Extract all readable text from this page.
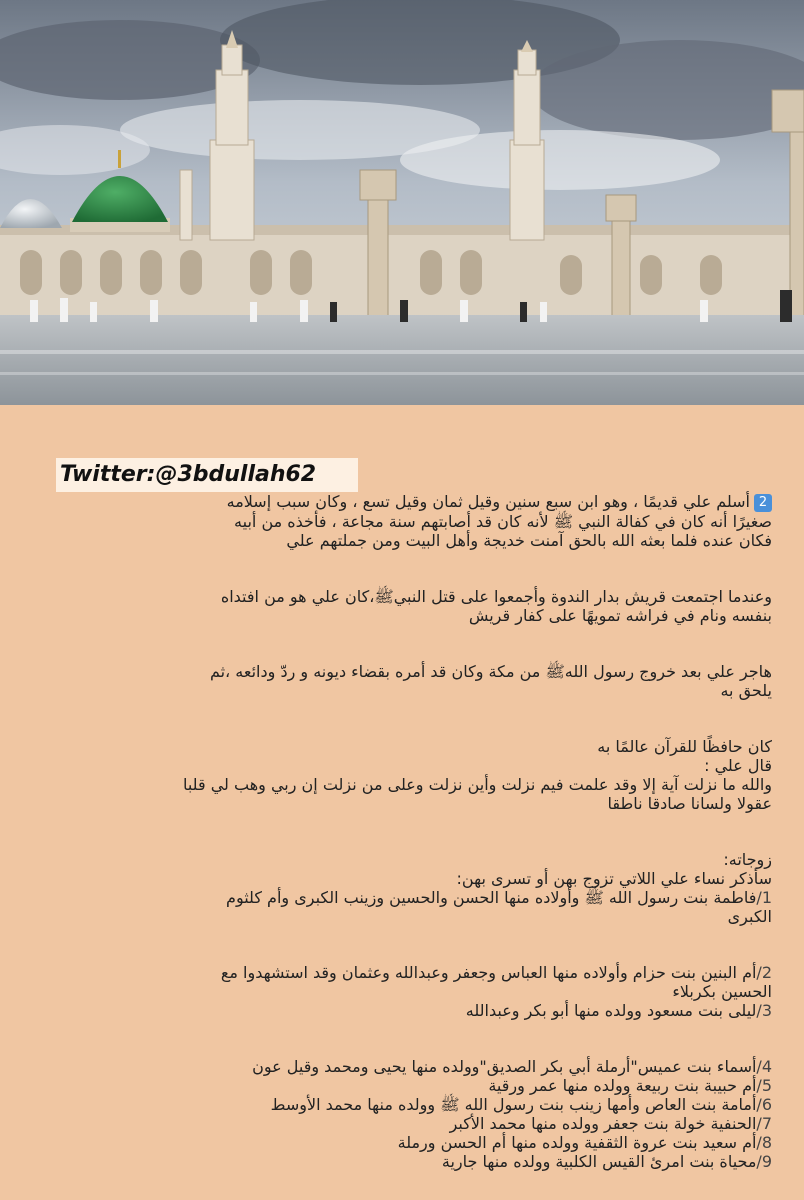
Twitter:@3bdullah62

2أسلم علي قديمًا ، وهو ابن سبع سنين وقيل ثمان وقيل تسع ، وكان سبب إسلامه

صغيرًا أنه كان في كفالة النبي ﷺ لأنه كان قد أصابتهم سنة مجاعة ، فأخذه من أبيه

فكان عنده فلما بعثه الله بالحق آمنت خديجة وأهل البيت ومن جملتهم علي

وعندما اجتمعت قريش بدار الندوة وأجمعوا على قتل النبيﷺ،كان علي هو من افتداه

بنفسه ونام في فراشه تمويهًا على كفار قريش

هاجر علي بعد خروج رسول اللهﷺ من مكة وكان قد أمره بقضاء ديونه و ردّ ودائعه ،ثم

يلحق به

كان حافظًا للقرآن عالمًا به

قال علي :

والله ما نزلت آية إلا وقد علمت فيم نزلت وأين نزلت وعلى من نزلت إن ربي وهب لي قلبا

عقولا ولسانا صادقا ناطقا

زوجاته:

سأذكر نساء علي اللاتي تزوج بهن أو تسرى بهن:

1/فاطمة بنت رسول الله ﷺ وأولاده منها الحسن والحسين وزينب الكبرى وأم كلثوم

الكبرى

2/أم البنين بنت حزام وأولاده منها العباس وجعفر وعبدالله وعثمان وقد استشهدوا مع

الحسين بكربلاء

3/ليلى بنت مسعود وولده منها أبو بكر وعبدالله

4/أسماء بنت عميس"أرملة أبي بكر الصديق"وولده منها يحيى ومحمد وقيل عون

5/أم حبيبة بنت ربيعة وولده منها عمر ورقية

6/أمامة بنت العاص وأمها زينب بنت رسول الله ﷺ وولده منها محمد الأوسط

7/الحنفية خولة بنت جعفر وولده منها محمد الأكبر

8/أم سعيد بنت عروة الثقفية وولده منها أم الحسن ورملة

9/محياة بنت امرئ القيس الكلبية وولده منها جارية
